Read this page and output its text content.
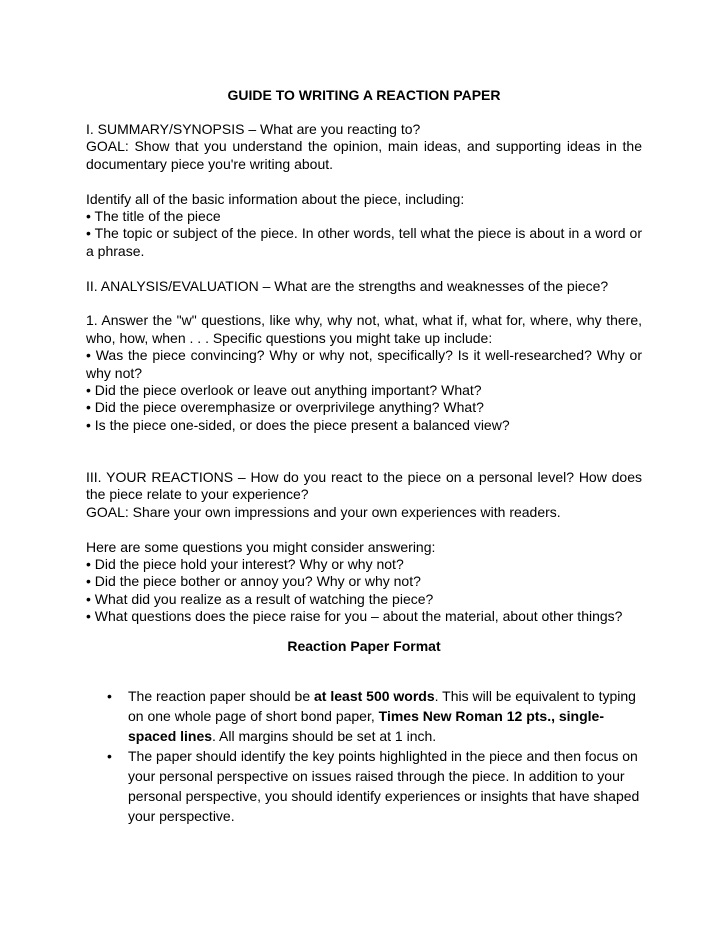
GUIDE TO WRITING A REACTION PAPER

I. SUMMARY/SYNOPSIS – What are you reacting to?

GOAL: Show that you understand the opinion, main ideas, and supporting ideas in the documentary piece you're writing about.

Identify all of the basic information about the piece, including:

• The title of the piece

• The topic or subject of the piece. In other words, tell what the piece is about in a word or a phrase.

II. ANALYSIS/EVALUATION – What are the strengths and weaknesses of the piece?

1. Answer the "w" questions, like why, why not, what, what if, what for, where, why there, who, how, when . . . Specific questions you might take up include:

• Was the piece convincing? Why or why not, specifically? Is it well-researched? Why or why not?

• Did the piece overlook or leave out anything important? What?

• Did the piece overemphasize or overprivilege anything? What?

• Is the piece one-sided, or does the piece present a balanced view?

III. YOUR REACTIONS – How do you react to the piece on a personal level? How does the piece relate to your experience?

GOAL: Share your own impressions and your own experiences with readers.

Here are some questions you might consider answering:

• Did the piece hold your interest? Why or why not?

• Did the piece bother or annoy you? Why or why not?

• What did you realize as a result of watching the piece?

• What questions does the piece raise for you – about the material, about other things?

Reaction Paper Format
• The reaction paper should be at least 500 words. This will be equivalent to typing on one whole page of short bond paper, Times New Roman 12 pts., single-spaced lines. All margins should be set at 1 inch.
• The paper should identify the key points highlighted in the piece and then focus on your personal perspective on issues raised through the piece. In addition to your personal perspective, you should identify experiences or insights that have shaped your perspective.
